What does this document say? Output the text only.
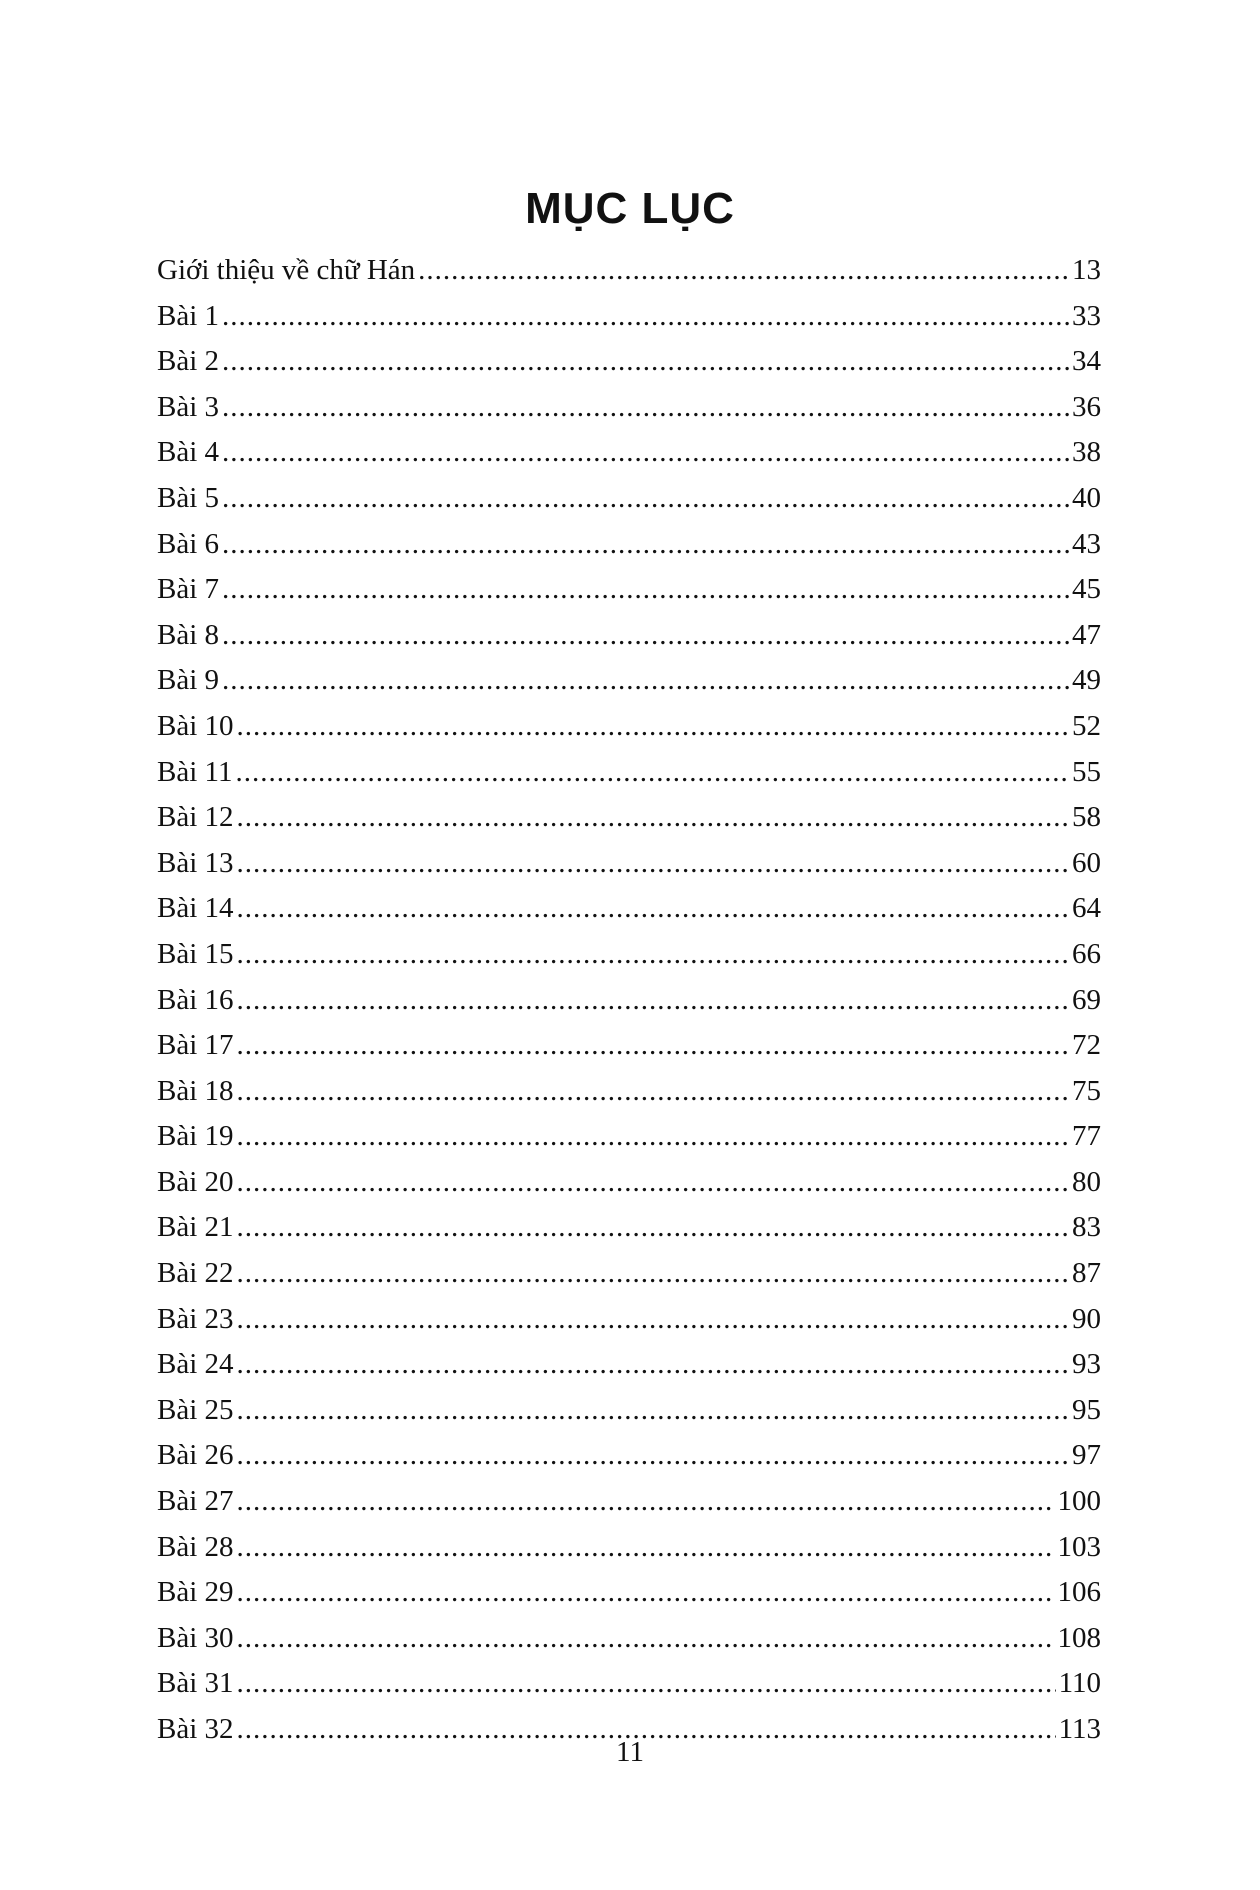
MỤC LỤC
Giới thiệu về chữ Hán .....	13
Bài 1 .....	33
Bài 2 .....	34
Bài 3 .....	36
Bài 4 .....	38
Bài 5 .....	40
Bài 6 .....	43
Bài 7 .....	45
Bài 8 .....	47
Bài 9 .....	49
Bài 10 .....	52
Bài 11 .....	55
Bài 12 .....	58
Bài 13 .....	60
Bài 14 .....	64
Bài 15 .....	66
Bài 16 .....	69
Bài 17 .....	72
Bài 18 .....	75
Bài 19 .....	77
Bài 20 .....	80
Bài 21 .....	83
Bài 22 .....	87
Bài 23 .....	90
Bài 24 .....	93
Bài 25 .....	95
Bài 26 .....	97
Bài 27 .....	100
Bài 28 .....	103
Bài 29 .....	106
Bài 30 .....	108
Bài 31 .....	110
Bài 32 .....	113
11
